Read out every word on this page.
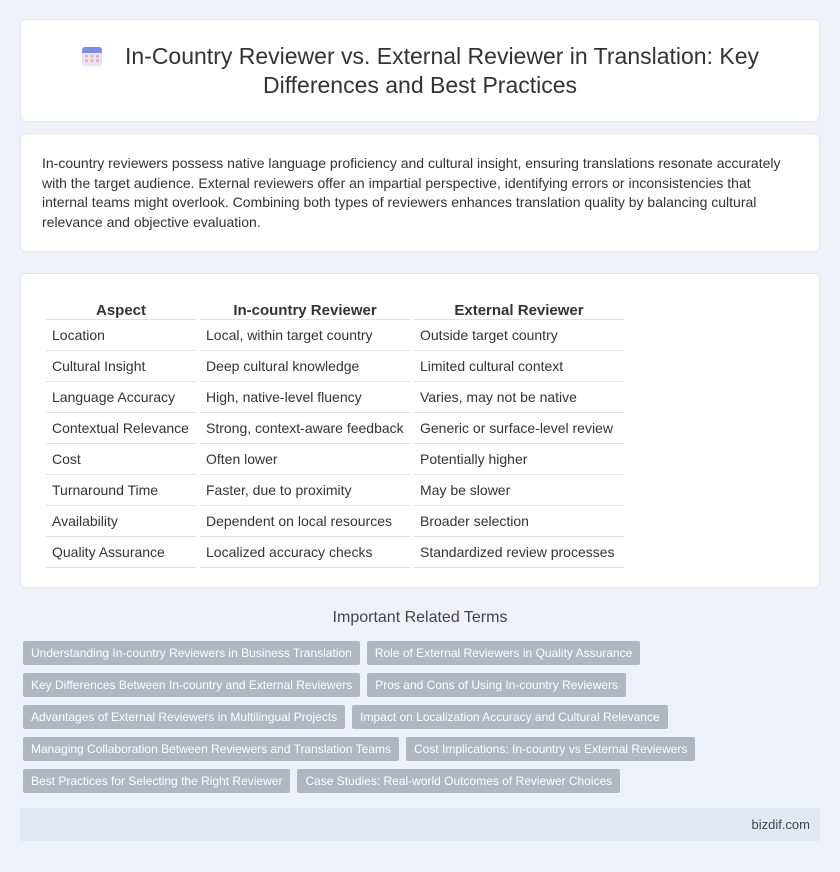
In-Country Reviewer vs. External Reviewer in Translation: Key Differences and Best Practices

In-country reviewers possess native language proficiency and cultural insight, ensuring translations resonate accurately with the target audience. External reviewers offer an impartial perspective, identifying errors or inconsistencies that internal teams might overlook. Combining both types of reviewers enhances translation quality by balancing cultural relevance and objective evaluation.

Aspect	In-country Reviewer	External Reviewer
Location	Local, within target country	Outside target country
Cultural Insight	Deep cultural knowledge	Limited cultural context
Language Accuracy	High, native-level fluency	Varies, may not be native
Contextual Relevance	Strong, context-aware feedback	Generic or surface-level review
Cost	Often lower	Potentially higher
Turnaround Time	Faster, due to proximity	May be slower
Availability	Dependent on local resources	Broader selection
Quality Assurance	Localized accuracy checks	Standardized review processes
Important Related Terms
Understanding In-country Reviewers in Business Translation Role of External Reviewers in Quality Assurance
Key Differences Between In-country and External Reviewers Pros and Cons of Using In-country Reviewers
Advantages of External Reviewers in Multilingual Projects Impact on Localization Accuracy and Cultural Relevance
Managing Collaboration Between Reviewers and Translation Teams Cost Implications: In-country vs External Reviewers
Best Practices for Selecting the Right Reviewer Case Studies: Real-world Outcomes of Reviewer Choices
bizdif.com
